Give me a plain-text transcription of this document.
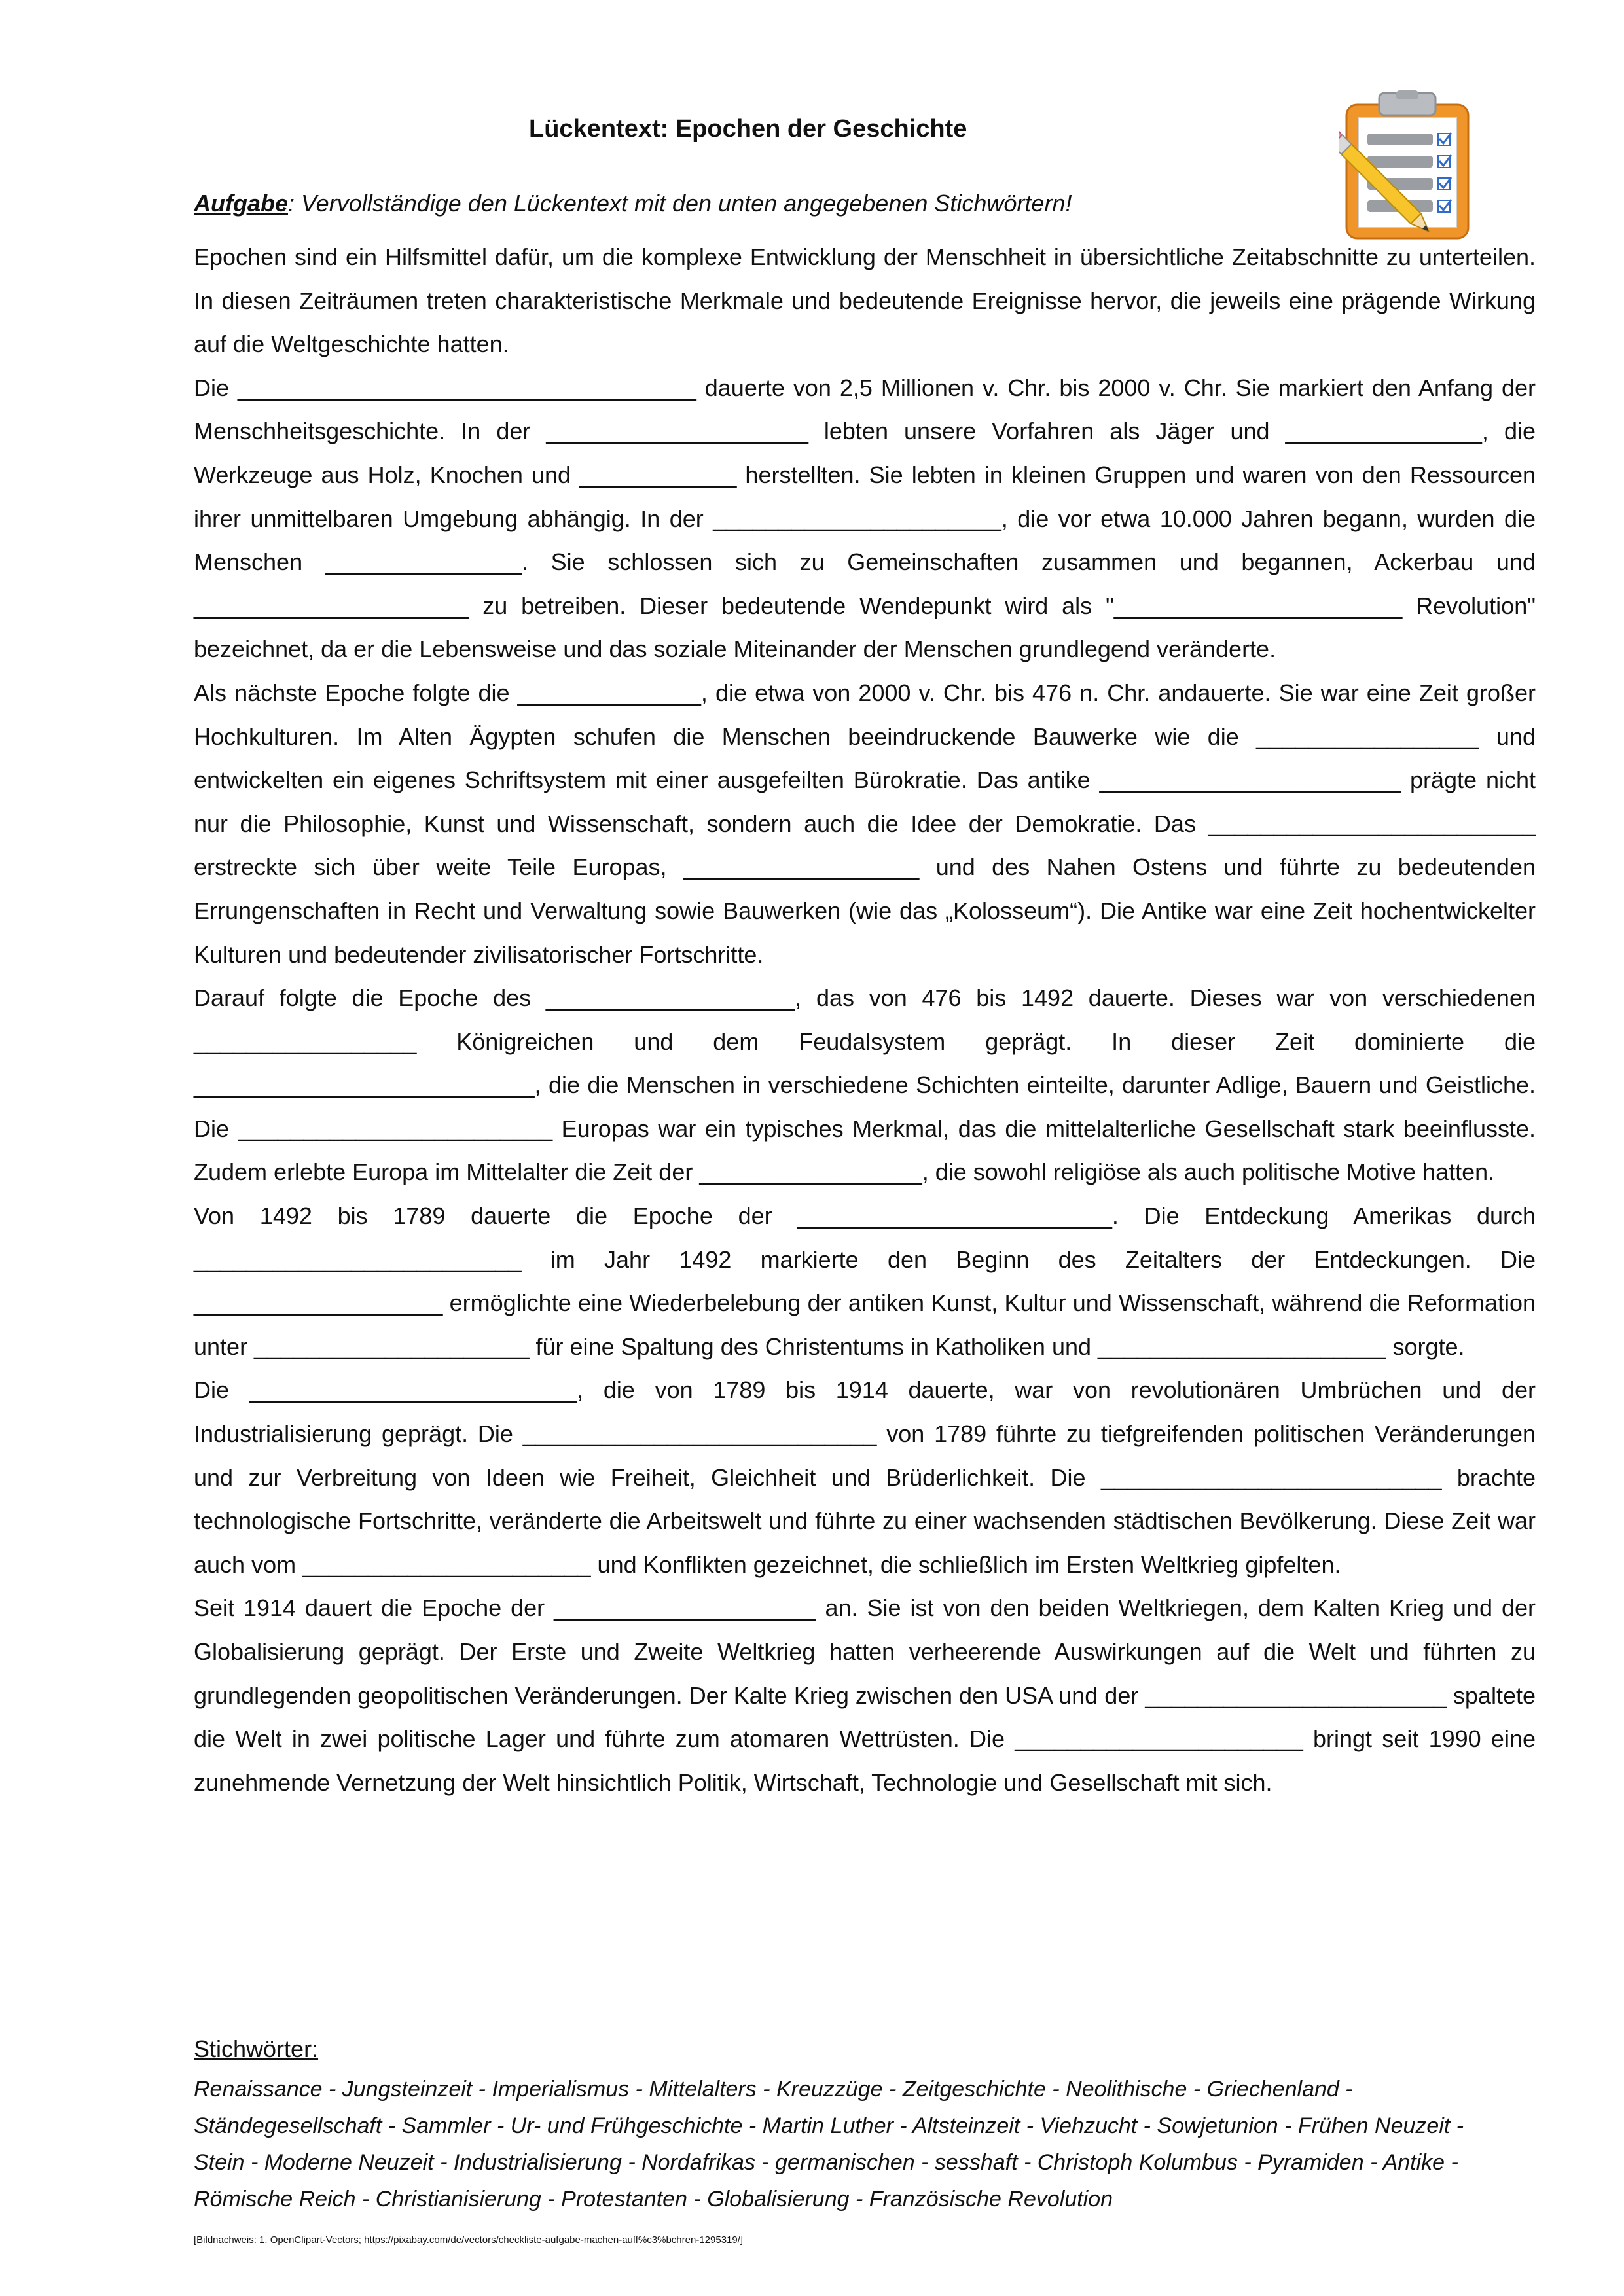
Lückentext: Epochen der Geschichte
Aufgabe: Vervollständige den Lückentext mit den unten angegebenen Stichwörtern!

Epochen sind ein Hilfsmittel dafür, um die komplexe Entwicklung der Menschheit in übersichtliche Zeitabschnitte zu unterteilen. In diesen Zeiträumen treten charakteristische Merkmale und bedeutende Ereignisse hervor, die jeweils eine prägende Wirkung auf die Weltgeschichte hatten.

Die ___________________________________ dauerte von 2,5 Millionen v. Chr. bis 2000 v. Chr. Sie markiert den Anfang der Menschheitsgeschichte. In der ____________________ lebten unsere Vorfahren als Jäger und _______________, die Werkzeuge aus Holz, Knochen und ____________ herstellten. Sie lebten in kleinen Gruppen und waren von den Ressourcen ihrer unmittelbaren Umgebung abhängig. In der ______________________, die vor etwa 10.000 Jahren begann, wurden die Menschen _______________. Sie schlossen sich zu Gemeinschaften zusammen und begannen, Ackerbau und _____________________ zu betreiben. Dieser bedeutende Wendepunkt wird als "______________________ Revolution" bezeichnet, da er die Lebensweise und das soziale Miteinander der Menschen grundlegend veränderte.

Als nächste Epoche folgte die ______________, die etwa von 2000 v. Chr. bis 476 n. Chr. andauerte. Sie war eine Zeit großer Hochkulturen. Im Alten Ägypten schufen die Menschen beeindruckende Bauwerke wie die _________________ und entwickelten ein eigenes Schriftsystem mit einer ausgefeilten Bürokratie. Das antike _______________________ prägte nicht nur die Philosophie, Kunst und Wissenschaft, sondern auch die Idee der Demokratie. Das _________________________ erstreckte sich über weite Teile Europas, __________________ und des Nahen Ostens und führte zu bedeutenden Errungenschaften in Recht und Verwaltung sowie Bauwerken (wie das „Kolosseum“). Die Antike war eine Zeit hochentwickelter Kulturen und bedeutender zivilisatorischer Fortschritte.

Darauf folgte die Epoche des ___________________, das von 476 bis 1492 dauerte. Dieses war von verschiedenen _________________ Königreichen und dem Feudalsystem geprägt. In dieser Zeit dominierte die __________________________, die die Menschen in verschiedene Schichten einteilte, darunter Adlige, Bauern und Geistliche. Die ________________________ Europas war ein typisches Merkmal, das die mittelalterliche Gesellschaft stark beeinflusste. Zudem erlebte Europa im Mittelalter die Zeit der _________________, die sowohl religiöse als auch politische Motive hatten.

Von 1492 bis 1789 dauerte die Epoche der ________________________. Die Entdeckung Amerikas durch _________________________ im Jahr 1492 markierte den Beginn des Zeitalters der Entdeckungen. Die ___________________ ermöglichte eine Wiederbelebung der antiken Kunst, Kultur und Wissenschaft, während die Reformation unter _____________________ für eine Spaltung des Christentums in Katholiken und ______________________ sorgte.

Die _________________________, die von 1789 bis 1914 dauerte, war von revolutionären Umbrüchen und der Industrialisierung geprägt. Die ___________________________ von 1789 führte zu tiefgreifenden politischen Veränderungen und zur Verbreitung von Ideen wie Freiheit, Gleichheit und Brüderlichkeit. Die __________________________ brachte technologische Fortschritte, veränderte die Arbeitswelt und führte zu einer wachsenden städtischen Bevölkerung. Diese Zeit war auch vom ______________________ und Konflikten gezeichnet, die schließlich im Ersten Weltkrieg gipfelten.

Seit 1914 dauert die Epoche der ____________________ an. Sie ist von den beiden Weltkriegen, dem Kalten Krieg und der Globalisierung geprägt. Der Erste und Zweite Weltkrieg hatten verheerende Auswirkungen auf die Welt und führten zu grundlegenden geopolitischen Veränderungen. Der Kalte Krieg zwischen den USA und der _______________________ spaltete die Welt in zwei politische Lager und führte zum atomaren Wettrüsten. Die ______________________ bringt seit 1990 eine zunehmende Vernetzung der Welt hinsichtlich Politik, Wirtschaft, Technologie und Gesellschaft mit sich.

Stichwörter:
Renaissance - Jungsteinzeit - Imperialismus - Mittelalters - Kreuzzüge - Zeitgeschichte - Neolithische - Griechenland - Ständegesellschaft - Sammler - Ur- und Frühgeschichte - Martin Luther - Altsteinzeit - Viehzucht - Sowjetunion - Frühen Neuzeit - Stein - Moderne Neuzeit - Industrialisierung - Nordafrikas - germanischen - sesshaft - Christoph Kolumbus - Pyramiden - Antike - Römische Reich - Christianisierung - Protestanten - Globalisierung - Französische Revolution [Bildnachweis: 1. OpenClipart-Vectors; https://pixabay.com/de/vectors/checkliste-aufgabe-machen-auff%c3%bchren-1295319/]
